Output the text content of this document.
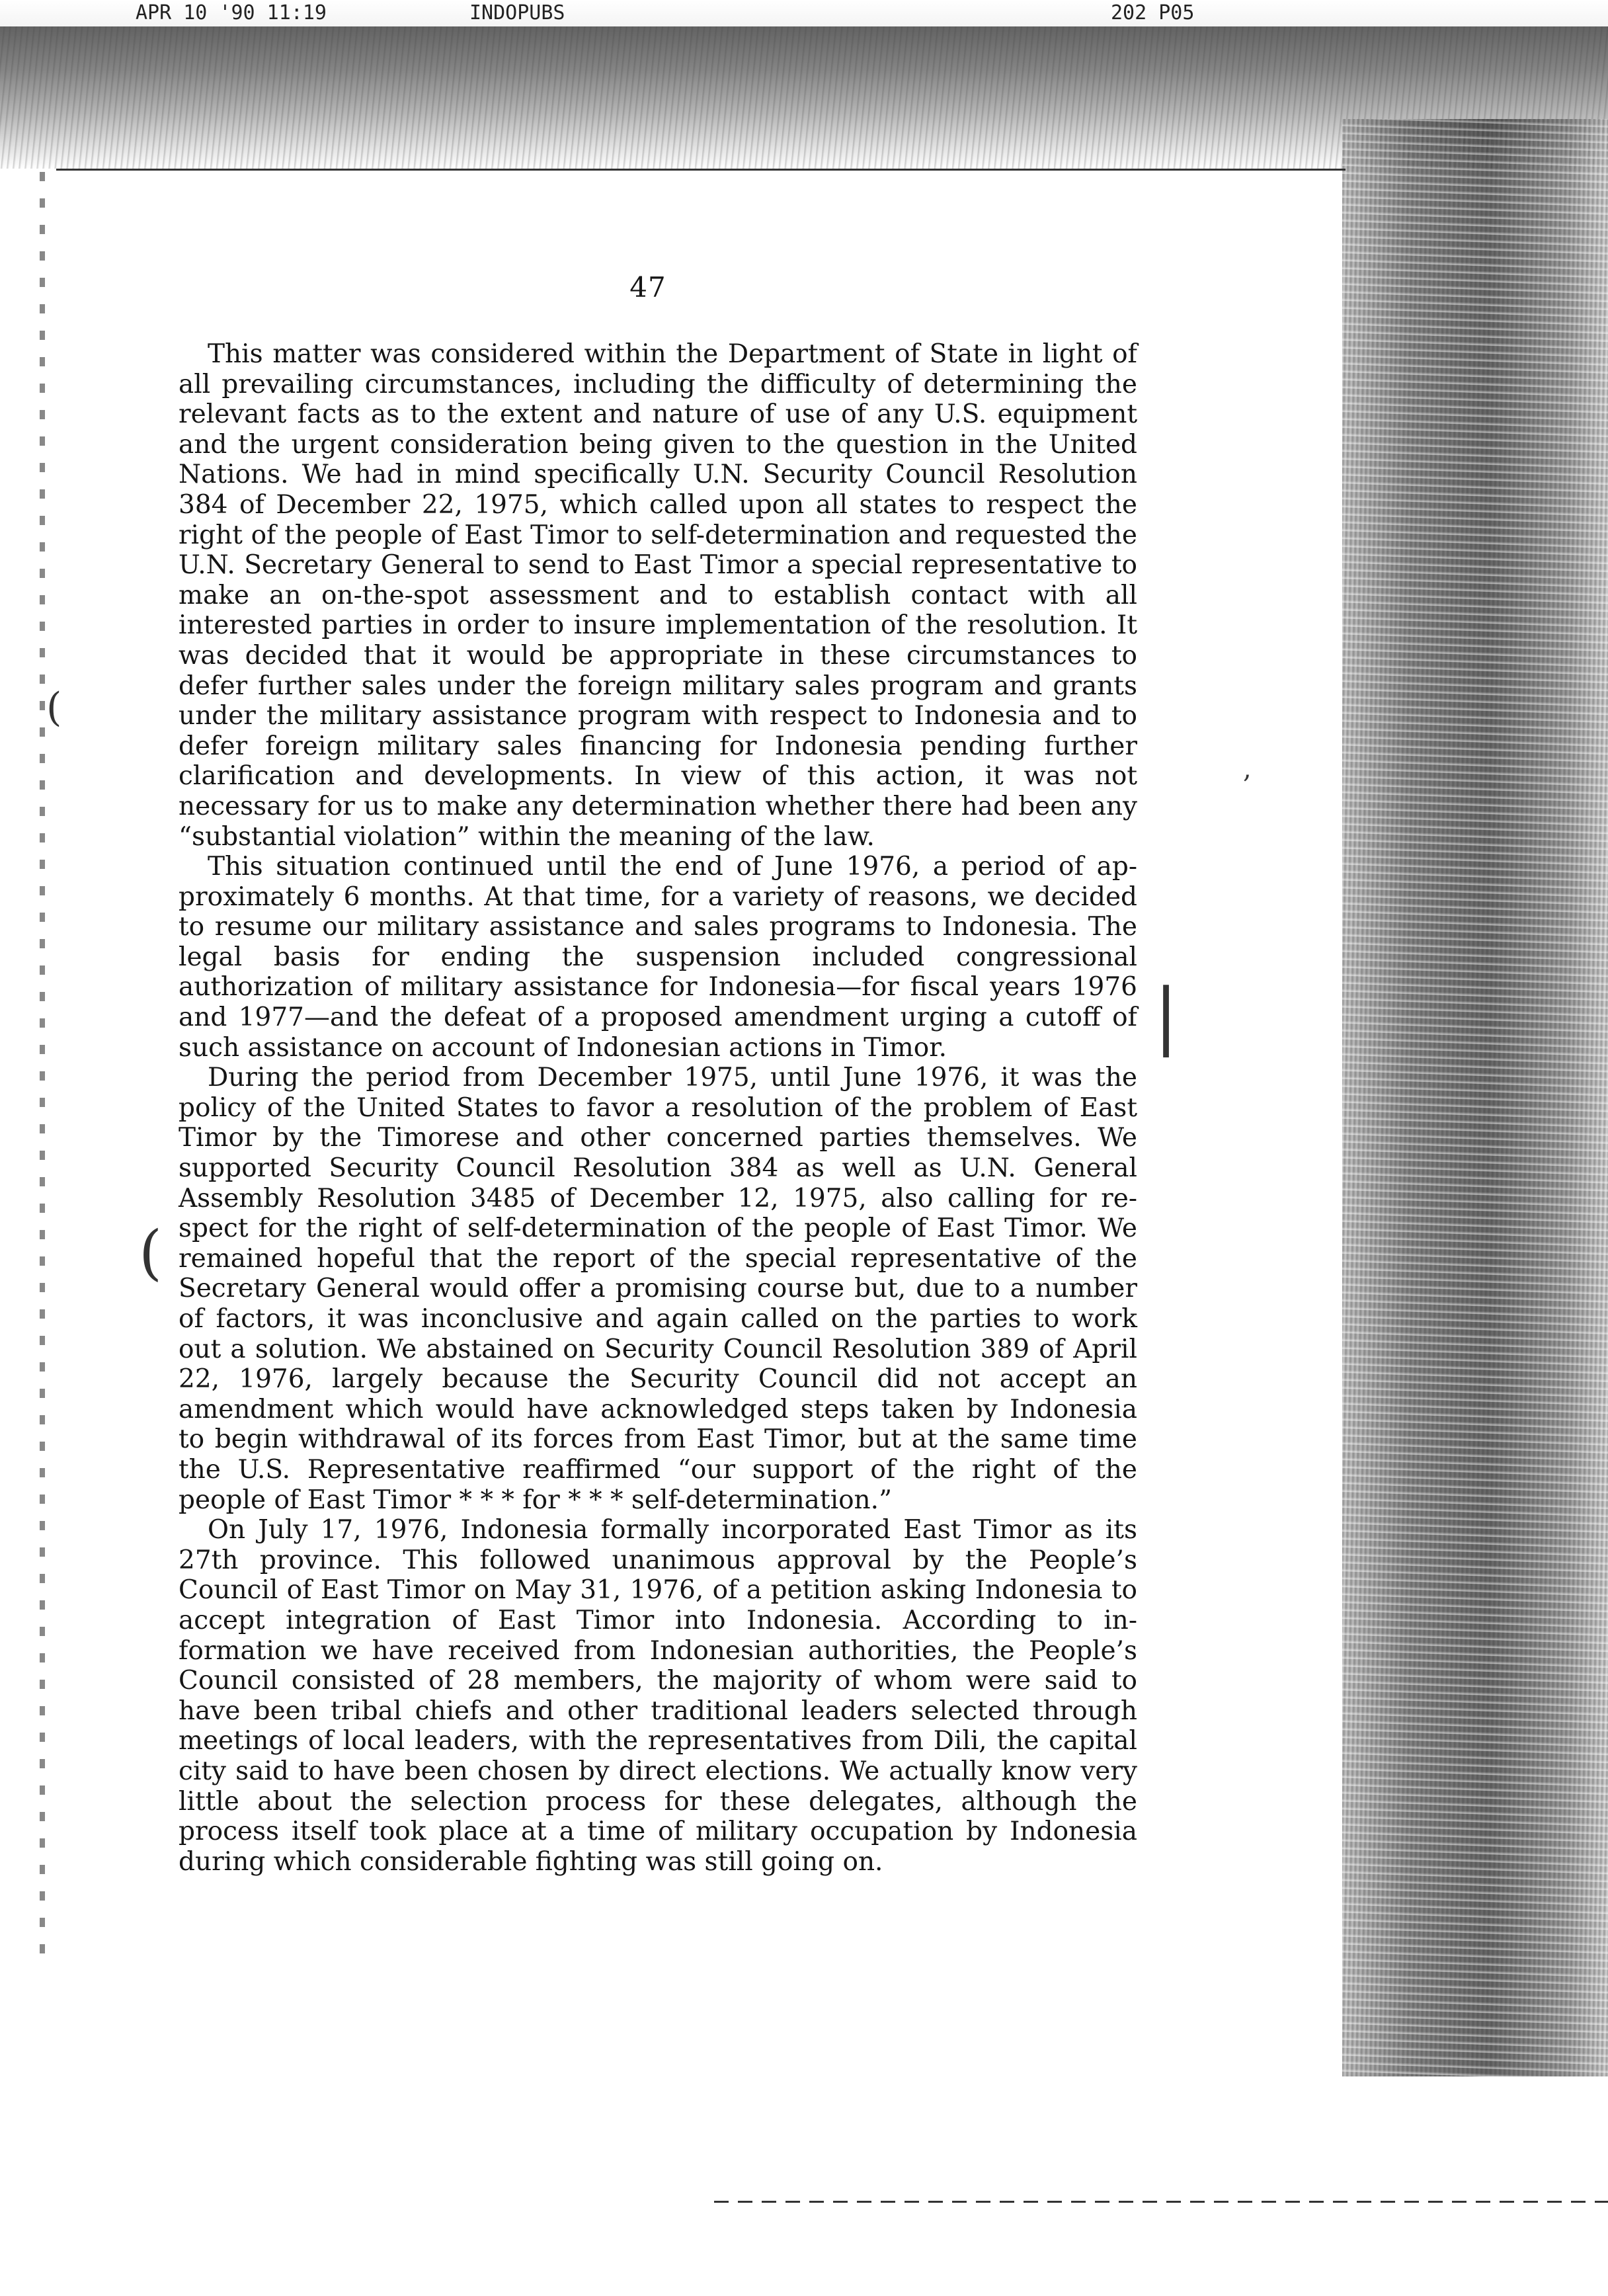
APR 10 '90 11:19	INDOPUBS	202 P05
47

This matter was considered within the Department of State in light of all prevailing circumstances, including the difficulty of determining the relevant facts as to the extent and nature of use of any U.S. equipment and the urgent consideration being given to the question in the United Nations. We had in mind specifically U.N. Security Council Resolution 384 of December 22, 1975, which called upon all states to respect the right of the people of East Timor to self-determination and requested the U.N. Secretary General to send to East Timor a special representative to make an on-the-spot assessment and to establish contact with all interested parties in order to insure implementation of the resolution. It was decided that it would be appropriate in these circumstances to defer further sales under the foreign military sales program and grants under the military assistance program with respect to Indonesia and to defer foreign military sales financing for Indonesia pending further clarification and developments. In view of this action, it was not necessary for us to make any determination whether there had been any “substantial violation” within the meaning of the law.

This situation continued until the end of June 1976, a period of approximately 6 months. At that time, for a variety of reasons, we decided to resume our military assistance and sales programs to Indonesia. The legal basis for ending the suspension included congressional authorization of military assistance for Indonesia—for fiscal years 1976 and 1977—and the defeat of a proposed amendment urging a cutoff of such assistance on account of Indonesian actions in Timor.

During the period from December 1975, until June 1976, it was the policy of the United States to favor a resolution of the problem of East Timor by the Timorese and other concerned parties themselves. We supported Security Council Resolution 384 as well as U.N. General Assembly Resolution 3485 of December 12, 1975, also calling for respect for the right of self-determination of the people of East Timor. We remained hopeful that the report of the special representative of the Secretary General would offer a promising course but, due to a number of factors, it was inconclusive and again called on the parties to work out a solution. We abstained on Security Council Resolution 389 of April 22, 1976, largely because the Security Council did not accept an amendment which would have acknowledged steps taken by Indonesia to begin withdrawal of its forces from East Timor, but at the same time the U.S. Representative reaffirmed “our support of the right of the people of East Timor * * * for * * * self-determination.”

On July 17, 1976, Indonesia formally incorporated East Timor as its 27th province. This followed unanimous approval by the People’s Council of East Timor on May 31, 1976, of a petition asking Indonesia to accept integration of East Timor into Indonesia. According to information we have received from Indonesian authorities, the People’s Council consisted of 28 members, the majority of whom were said to have been tribal chiefs and other traditional leaders selected through meetings of local leaders, with the representatives from Dili, the capital city said to have been chosen by direct elections. We actually know very little about the selection process for these delegates, although the process itself took place at a time of military occupation by Indonesia during which considerable fighting was still going on.

(
,
|
(
